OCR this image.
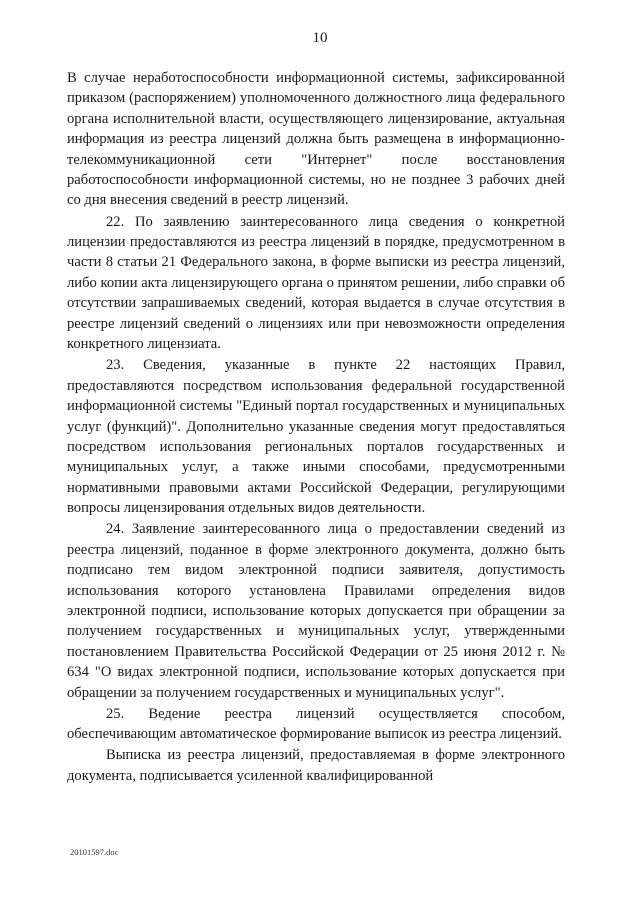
10

В случае неработоспособности информационной системы, зафиксированной приказом (распоряжением) уполномоченного должностного лица федерального органа исполнительной власти, осуществляющего лицензирование, актуальная информация из реестра лицензий должна быть размещена в информационно-телекоммуникационной сети "Интернет" после восстановления работоспособности информационной системы, но не позднее 3 рабочих дней со дня внесения сведений в реестр лицензий.

22. По заявлению заинтересованного лица сведения о конкретной лицензии предоставляются из реестра лицензий в порядке, предусмотренном в части 8 статьи 21 Федерального закона, в форме выписки из реестра лицензий, либо копии акта лицензирующего органа о принятом решении, либо справки об отсутствии запрашиваемых сведений, которая выдается в случае отсутствия в реестре лицензий сведений о лицензиях или при невозможности определения конкретного лицензиата.

23. Сведения, указанные в пункте 22 настоящих Правил, предоставляются посредством использования федеральной государственной информационной системы "Единый портал государственных и муниципальных услуг (функций)". Дополнительно указанные сведения могут предоставляться посредством использования региональных порталов государственных и муниципальных услуг, а также иными способами, предусмотренными нормативными правовыми актами Российской Федерации, регулирующими вопросы лицензирования отдельных видов деятельности.

24. Заявление заинтересованного лица о предоставлении сведений из реестра лицензий, поданное в форме электронного документа, должно быть подписано тем видом электронной подписи заявителя, допустимость использования которого установлена Правилами определения видов электронной подписи, использование которых допускается при обращении за получением государственных и муниципальных услуг, утвержденными постановлением Правительства Российской Федерации от 25 июня 2012 г. № 634 "О видах электронной подписи, использование которых допускается при обращении за получением государственных и муниципальных услуг".

25. Ведение реестра лицензий осуществляется способом, обеспечивающим автоматическое формирование выписок из реестра лицензий.

Выписка из реестра лицензий, предоставляемая в форме электронного документа, подписывается усиленной квалифицированной

20101597.doc
